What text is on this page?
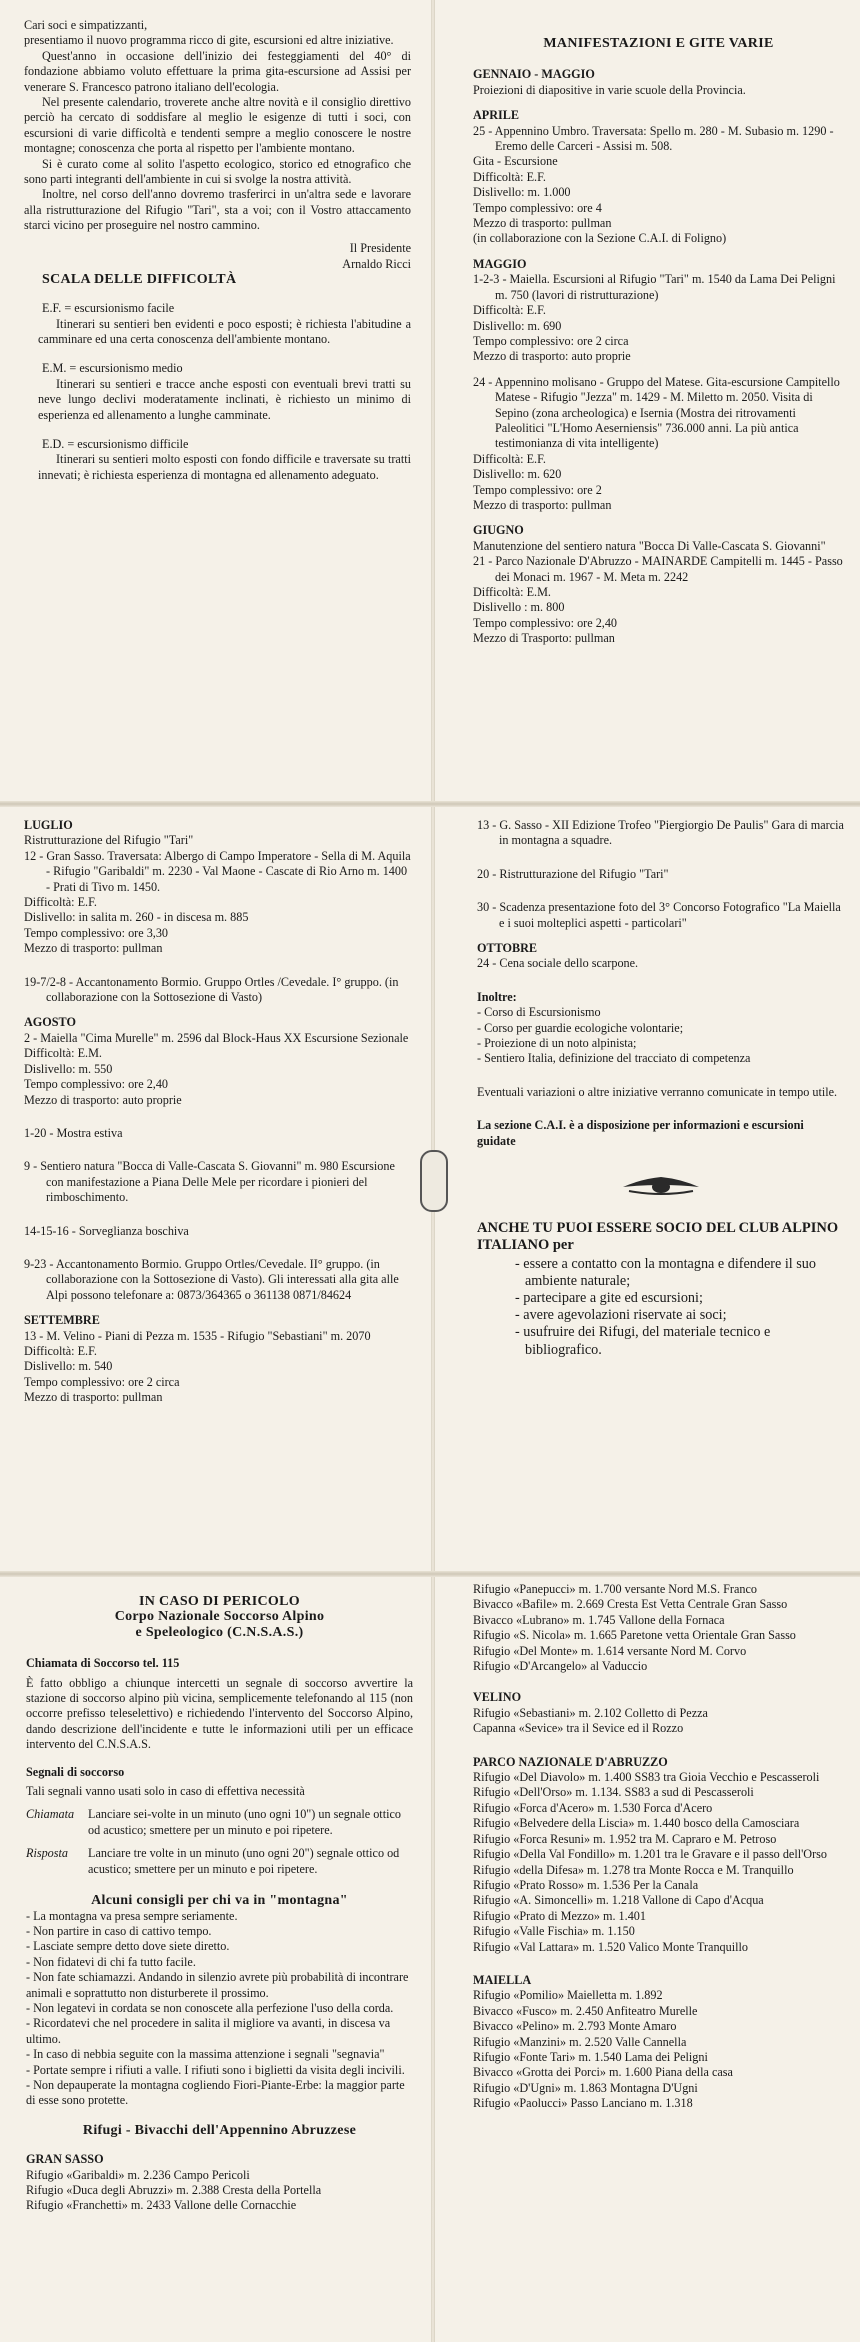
Cari soci e simpatizzanti,

presentiamo il nuovo programma ricco di gite, escursioni ed altre iniziative.

Quest'anno in occasione dell'inizio dei festeggiamenti del 40° di fondazione abbiamo voluto effettuare la prima gita-escursione ad Assisi per venerare S. Francesco patrono italiano dell'ecologia.

Nel presente calendario, troverete anche altre novità e il consiglio direttivo perciò ha cercato di soddisfare al meglio le esigenze di tutti i soci, con escursioni di varie difficoltà e tendenti sempre a meglio conoscere le nostre montagne; conoscenza che porta al rispetto per l'ambiente montano.

Si è curato come al solito l'aspetto ecologico, storico ed etnografico che sono parti integranti dell'ambiente in cui si svolge la nostra attività.

Inoltre, nel corso dell'anno dovremo trasferirci in un'altra sede e lavorare alla ristrutturazione del Rifugio "Tari", sta a voi; con il Vostro attaccamento starci vicino per proseguire nel nostro cammino.

Il Presidente
Arnaldo Ricci

SCALA DELLE DIFFICOLTÀ

E.F. = escursionismo facile

Itinerari su sentieri ben evidenti e poco esposti; è richiesta l'abitudine a camminare ed una certa conoscenza dell'ambiente montano.

E.M. = escursionismo medio

Itinerari su sentieri e tracce anche esposti con eventuali brevi tratti su neve lungo declivi moderatamente inclinati, è richiesto un minimo di esperienza ed allenamento a lunghe camminate.

E.D. = escursionismo difficile

Itinerari su sentieri molto esposti con fondo difficile e traversate su tratti innevati; è richiesta esperienza di montagna ed allenamento adeguato.

MANIFESTAZIONI E GITE VARIE

GENNAIO - MAGGIO

Proiezioni di diapositive in varie scuole della Provincia.

APRILE

25 - Appennino Umbro. Traversata: Spello m. 280 - M. Subasio m. 1290 - Eremo delle Carceri - Assisi m. 508.

Gita - Escursione

Difficoltà: E.F.

Dislivello: m. 1.000

Tempo complessivo: ore 4

Mezzo di trasporto: pullman

(in collaborazione con la Sezione C.A.I. di Foligno)

MAGGIO

1-2-3 - Maiella. Escursioni al Rifugio "Tari" m. 1540 da Lama Dei Peligni m. 750 (lavori di ristrutturazione)

Difficoltà: E.F.

Dislivello: m. 690

Tempo complessivo: ore 2 circa

Mezzo di trasporto: auto proprie

24 - Appennino molisano - Gruppo del Matese. Gita-escursione Campitello Matese - Rifugio "Jezza" m. 1429 - M. Miletto m. 2050. Visita di Sepino (zona archeologica) e Isernia (Mostra dei ritrovamenti Paleolitici "L'Homo Aeserniensis" 736.000 anni. La più antica testimonianza di vita intelligente)

Difficoltà: E.F.

Dislivello: m. 620

Tempo complessivo: ore 2

Mezzo di trasporto: pullman

GIUGNO

Manutenzione del sentiero natura "Bocca Di Valle-Cascata S. Giovanni"

21 - Parco Nazionale D'Abruzzo - MAINARDE Campitelli m. 1445 - Passo dei Monaci m. 1967 - M. Meta m. 2242

Difficoltà: E.M.

Dislivello : m. 800

Tempo complessivo: ore 2,40

Mezzo di Trasporto: pullman

LUGLIO

Ristrutturazione del Rifugio "Tari"

12 - Gran Sasso. Traversata: Albergo di Campo Imperatore - Sella di M. Aquila - Rifugio "Garibaldi" m. 2230 - Val Maone - Cascate di Rio Arno m. 1400 - Prati di Tivo m. 1450.

Difficoltà: E.F.

Dislivello: in salita m. 260 - in discesa m. 885

Tempo complessivo: ore 3,30

Mezzo di trasporto: pullman

19-7/2-8 - Accantonamento Bormio. Gruppo Ortles /Cevedale. I° gruppo. (in collaborazione con la Sottosezione di Vasto)

AGOSTO

2 - Maiella "Cima Murelle" m. 2596 dal Block-Haus XX Escursione Sezionale

Difficoltà: E.M.

Dislivello: m. 550

Tempo complessivo: ore 2,40

Mezzo di trasporto: auto proprie

1-20 - Mostra estiva

9 - Sentiero natura "Bocca di Valle-Cascata S. Giovanni" m. 980 Escursione con manifestazione a Piana Delle Mele per ricordare i pionieri del rimboschimento.

14-15-16 - Sorveglianza boschiva

9-23 - Accantonamento Bormio. Gruppo Ortles/Cevedale. II° gruppo. (in collaborazione con la Sottosezione di Vasto). Gli interessati alla gita alle Alpi possono telefonare a: 0873/364365 o 361138 0871/84624

SETTEMBRE

13 - M. Velino - Piani di Pezza m. 1535 - Rifugio "Sebastiani" m. 2070

Difficoltà: E.F.

Dislivello: m. 540

Tempo complessivo: ore 2 circa

Mezzo di trasporto: pullman

13 - G. Sasso - XII Edizione Trofeo "Piergiorgio De Paulis" Gara di marcia in montagna a squadre.

20 - Ristrutturazione del Rifugio "Tari"

30 - Scadenza presentazione foto del 3° Concorso Fotografico "La Maiella e i suoi molteplici aspetti - particolari"

OTTOBRE

24 - Cena sociale dello scarpone.

Inoltre:

- Corso di Escursionismo

- Corso per guardie ecologiche volontarie;

- Proiezione di un noto alpinista;

- Sentiero Italia, definizione del tracciato di competenza

Eventuali variazioni o altre iniziative verranno comunicate in tempo utile.

La sezione C.A.I. è a disposizione per informazioni e escursioni guidate

ANCHE TU PUOI ESSERE SOCIO DEL CLUB ALPINO ITALIANO per

- essere a contatto con la montagna e difendere il suo ambiente naturale;
- partecipare a gite ed escursioni;
- avere agevolazioni riservate ai soci;
- usufruire dei Rifugi, del materiale tecnico e bibliografico.

IN CASO DI PERICOLO

Corpo Nazionale Soccorso Alpino

e Speleologico (C.N.S.A.S.)

Chiamata di Soccorso tel. 115

È fatto obbligo a chiunque intercetti un segnale di soccorso avvertire la stazione di soccorso alpino più vicina, semplicemente telefonando al 115 (non occorre prefisso teleselettivo) e richiedendo l'intervento del Soccorso Alpino, dando descrizione dell'incidente e tutte le informazioni utili per un efficace intervento del C.N.S.A.S.

Segnali di soccorso

Tali segnali vanno usati solo in caso di effettiva necessità

Chiamata	Lanciare sei-volte in un minuto (uno ogni 10") un segnale ottico od acustico; smettere per un minuto e poi ripetere.
Risposta	Lanciare tre volte in un minuto (uno ogni 20") segnale ottico od acustico; smettere per un minuto e poi ripetere.

Alcuni consigli per chi va in "montagna"

- La montagna va presa sempre seriamente.
- Non partire in caso di cattivo tempo.
- Lasciate sempre detto dove siete diretto.
- Non fidatevi di chi fa tutto facile.
- Non fate schiamazzi. Andando in silenzio avrete più probabilità di incontrare animali e soprattutto non disturberete il prossimo.
- Non legatevi in cordata se non conoscete alla perfezione l'uso della corda.
- Ricordatevi che nel procedere in salita il migliore va avanti, in discesa va ultimo.
- In caso di nebbia seguite con la massima attenzione i segnali "segnavia"
- Portate sempre i rifiuti a valle. I rifiuti sono i biglietti da visita degli incivili.
- Non depauperate la montagna cogliendo Fiori-Piante-Erbe: la maggior parte di esse sono protette.

Rifugi - Bivacchi dell'Appennino Abruzzese

GRAN SASSO

Rifugio «Garibaldi» m. 2.236 Campo Pericoli

Rifugio «Duca degli Abruzzi» m. 2.388 Cresta della Portella

Rifugio «Franchetti» m. 2433 Vallone delle Cornacchie

Rifugio «Panepucci» m. 1.700 versante Nord M.S. Franco

Bivacco «Bafile» m. 2.669 Cresta Est Vetta Centrale Gran Sasso

Bivacco «Lubrano» m. 1.745 Vallone della Fornaca

Rifugio «S. Nicola» m. 1.665 Paretone vetta Orientale Gran Sasso

Rifugio «Del Monte» m. 1.614 versante Nord M. Corvo

Rifugio «D'Arcangelo» al Vaduccio

VELINO

Rifugio «Sebastiani» m. 2.102 Colletto di Pezza

Capanna «Sevice» tra il Sevice ed il Rozzo

PARCO NAZIONALE D'ABRUZZO

Rifugio «Del Diavolo» m. 1.400 SS83 tra Gioia Vecchio e Pescasseroli

Rifugio «Dell'Orso» m. 1.134. SS83 a sud di Pescasseroli

Rifugio «Forca d'Acero» m. 1.530 Forca d'Acero

Rifugio «Belvedere della Liscia» m. 1.440 bosco della Camosciara

Rifugio «Forca Resuni» m. 1.952 tra M. Capraro e M. Petroso

Rifugio «Della Val Fondillo» m. 1.201 tra le Gravare e il passo dell'Orso

Rifugio «della Difesa» m. 1.278 tra Monte Rocca e M. Tranquillo

Rifugio «Prato Rosso» m. 1.536 Per la Canala

Rifugio «A. Simoncelli» m. 1.218 Vallone di Capo d'Acqua

Rifugio «Prato di Mezzo» m. 1.401

Rifugio «Valle Fischia» m. 1.150

Rifugio «Val Lattara» m. 1.520 Valico Monte Tranquillo

MAIELLA

Rifugio «Pomilio» Maielletta m. 1.892

Bivacco «Fusco» m. 2.450 Anfiteatro Murelle

Bivacco «Pelino» m. 2.793 Monte Amaro

Rifugio «Manzini» m. 2.520 Valle Cannella

Rifugio «Fonte Tari» m. 1.540 Lama dei Peligni

Bivacco «Grotta dei Porci» m. 1.600 Piana della casa

Rifugio «D'Ugni» m. 1.863 Montagna D'Ugni

Rifugio «Paolucci» Passo Lanciano m. 1.318
